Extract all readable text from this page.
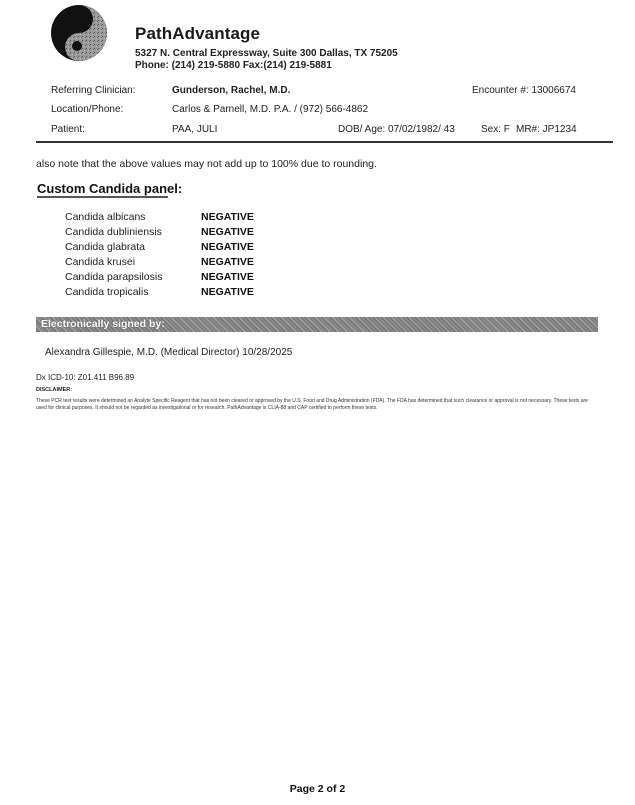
PathAdvantage
5327 N. Central Expressway, Suite 300 Dallas, TX 75205
Phone: (214) 219-5880 Fax:(214) 219-5881
Referring Clinician:	Gunderson, Rachel, M.D.	Encounter #: 13006674
Location/Phone:	Carlos & Parnell, M.D. P.A. / (972) 566-4862
Patient:	PAA, JULI	DOB/ Age: 07/02/1982/ 43	Sex: F MR#: JP1234
also note that the above values may not add up to 100% due to rounding.
Custom Candida panel:
Candida albicans	NEGATIVE
Candida dubliniensis	NEGATIVE
Candida glabrata	NEGATIVE
Candida krusei	NEGATIVE
Candida parapsilosis	NEGATIVE
Candida tropicalis	NEGATIVE
Electronically signed by:
Alexandra Gillespie, M.D. (Medical Director) 10/28/2025
Dx ICD-10: Z01.411 B96.89
DISCLAIMER:
These PCR test results were determined an Analyte Specific Reagent that has not been cleared or approved by the U.S. Food and Drug Administration (FDA). The FDA has determined that such clearance or approval is not necessary. These tests are used for clinical purposes. It should not be regarded as investigational or for research. PathAdvantage is CLIA-88 and CAP certified to perform these tests.
Page 2 of 2
